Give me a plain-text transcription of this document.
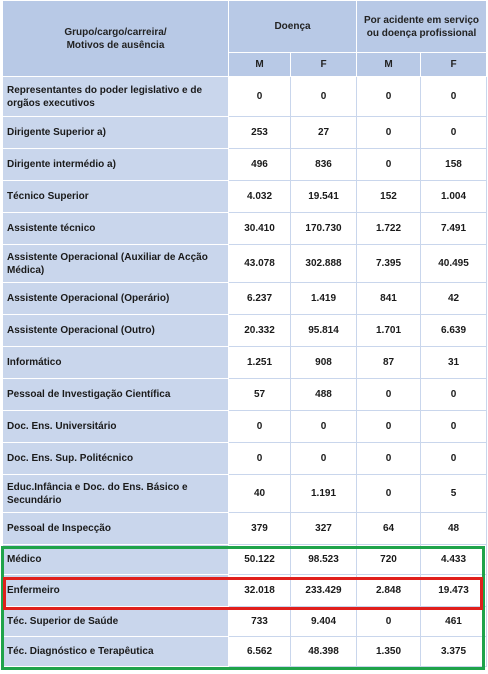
Grupo/cargo/carreira/
Motivos de ausência	Doença		Por acidente em serviço ou doença profissional	
	M	F	M	F
Representantes do poder legislativo e de orgãos executivos	0	0	0	0
Dirigente Superior a)	253	27	0	0
Dirigente intermédio a)	496	836	0	158
Técnico Superior	4.032	19.541	152	1.004
Assistente técnico	30.410	170.730	1.722	7.491
Assistente Operacional (Auxiliar de Acção Médica)	43.078	302.888	7.395	40.495
Assistente Operacional (Operário)	6.237	1.419	841	42
Assistente Operacional (Outro)	20.332	95.814	1.701	6.639
Informático	1.251	908	87	31
Pessoal de Investigação Científica	57	488	0	0
Doc. Ens. Universitário	0	0	0	0
Doc. Ens. Sup. Politécnico	0	0	0	0
Educ.Infância e Doc. do Ens. Básico e Secundário	40	1.191	0	5
Pessoal de Inspecção	379	327	64	48
Médico	50.122	98.523	720	4.433
Enfermeiro	32.018	233.429	2.848	19.473
Téc. Superior de Saúde	733	9.404	0	461
Téc. Diagnóstico e Terapêutica	6.562	48.398	1.350	3.375
